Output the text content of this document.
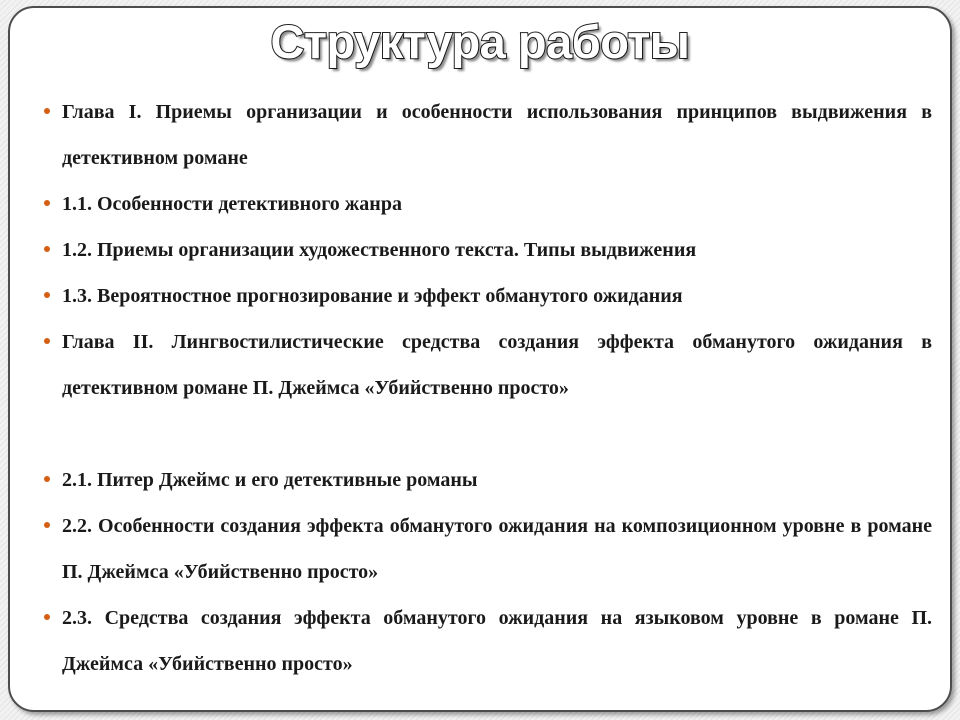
Структура работы
Глава I. Приемы организации и особенности использования принципов выдвижения в детективном романе
1.1. Особенности детективного жанра
1.2. Приемы организации художественного текста. Типы выдвижения
1.3. Вероятностное прогнозирование и эффект обманутого ожидания
Глава II. Лингвостилистические средства создания эффекта обманутого ожидания в детективном романе П. Джеймса «Убийственно просто»
2.1. Питер Джеймс и его детективные романы
2.2. Особенности создания эффекта обманутого ожидания на композиционном уровне в романе П. Джеймса «Убийственно просто»
2.3. Средства создания эффекта обманутого ожидания на языковом уровне в романе П. Джеймса «Убийственно просто»
